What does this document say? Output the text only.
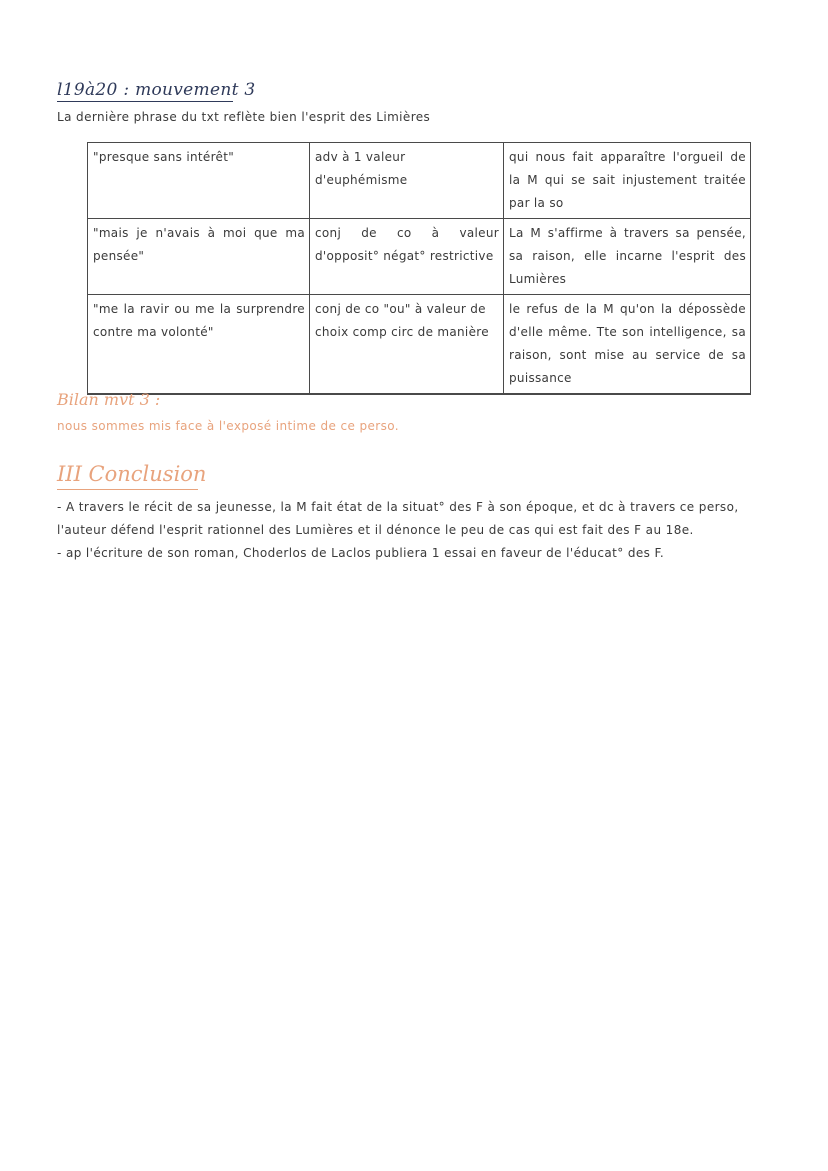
l19à20 : mouvement 3
La dernière phrase du txt reflète bien l'esprit des Limières
"presque sans intérêt"	adv à 1 valeur d'euphémisme	qui nous fait apparaître l'orgueil de la M qui se sait injustement traitée par la so
"mais je n'avais à moi que ma pensée"	conj de co à valeur d'opposit° négat° restrictive	La M s'affirme à travers sa pensée, sa raison, elle incarne l'esprit des Lumières
"me la ravir ou me la surprendre contre ma volonté"	conj de co "ou" à valeur de choix comp circ de manière	le refus de la M qu'on la dépossède d'elle même. Tte son intelligence, sa raison, sont mise au service de sa puissance
Bilan mvt 3 :
nous sommes mis face à l'exposé intime de ce perso.
III Conclusion

- A travers le récit de sa jeunesse, la M fait état de la situat° des F à son époque, et dc à travers ce perso, l'auteur défend l'esprit rationnel des Lumières et il dénonce le peu de cas qui est fait des F au 18e.

- ap l'écriture de son roman, Choderlos de Laclos publiera 1 essai en faveur de l'éducat° des F.
